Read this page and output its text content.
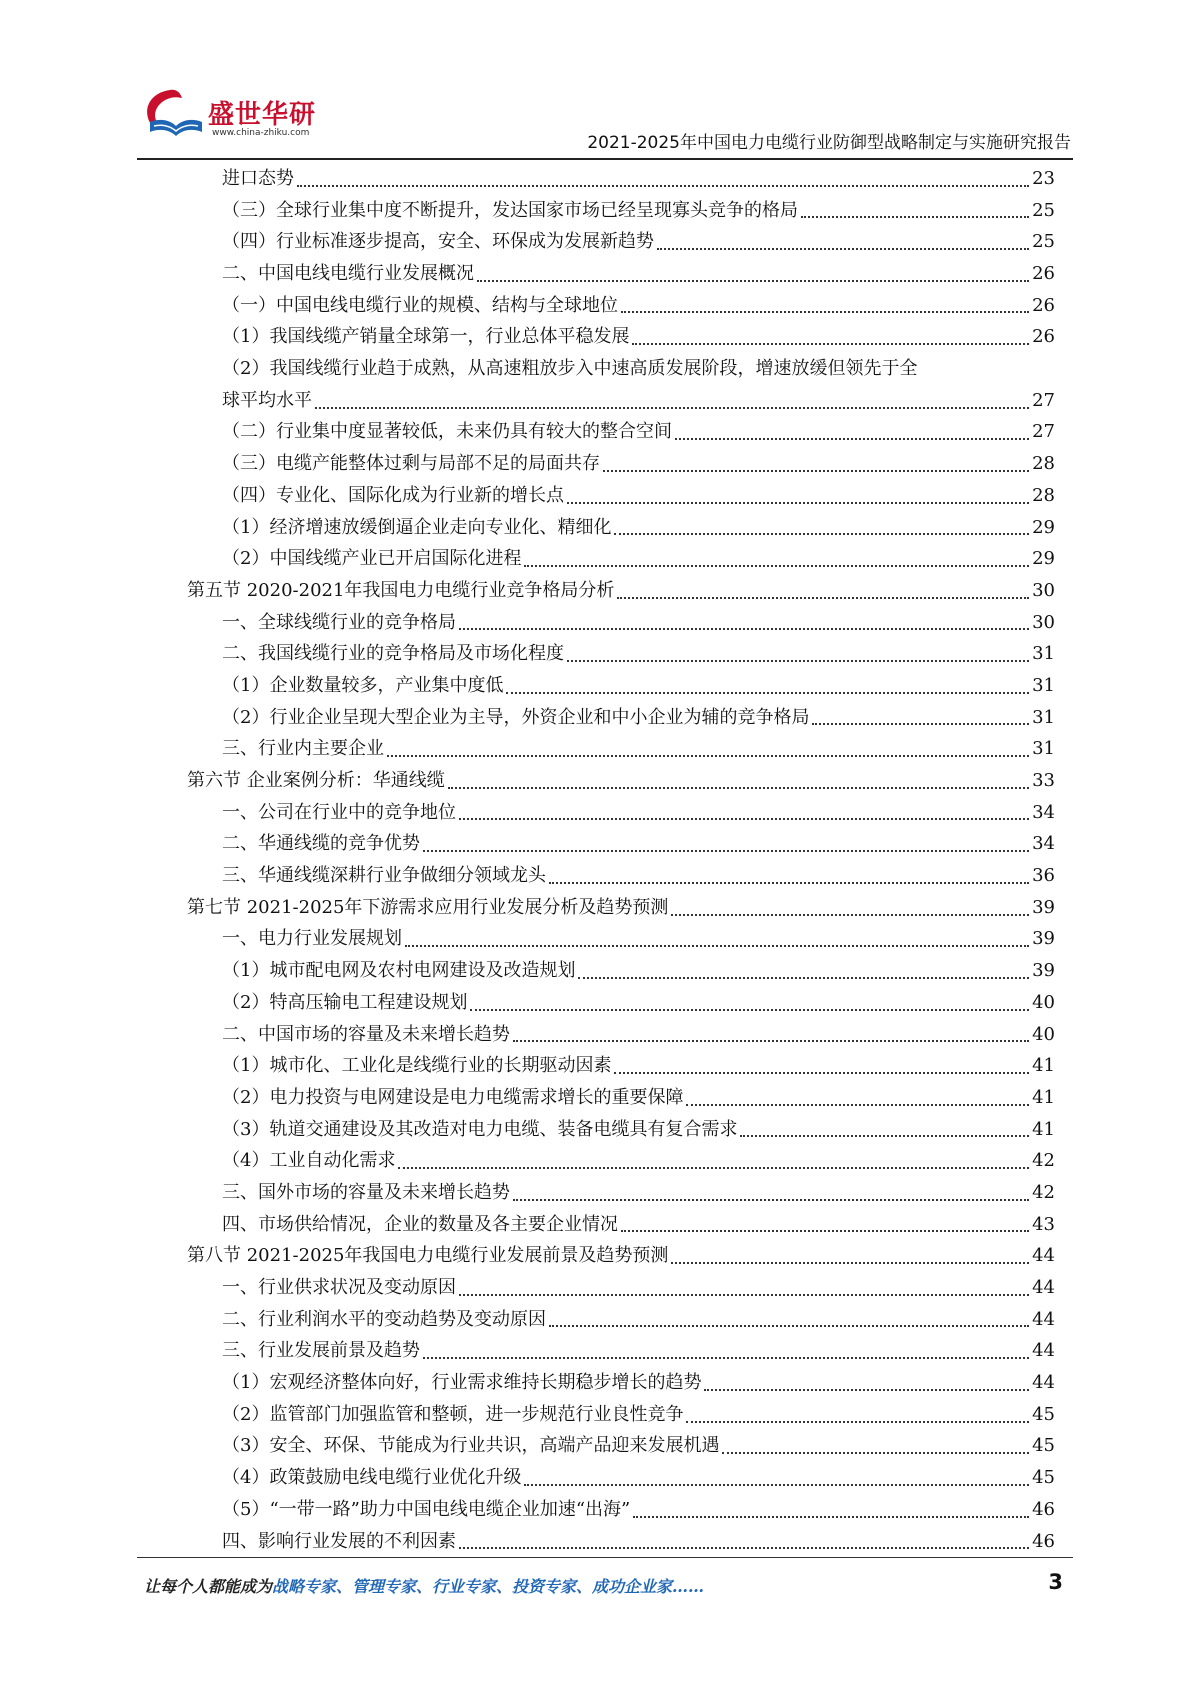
盛世华研
www.china-zhiku.com	2021-2025年中国电力电缆行业防御型战略制定与实施研究报告
进口态势	23
（三）全球行业集中度不断提升，发达国家市场已经呈现寡头竞争的格局	25
（四）行业标准逐步提高，安全、环保成为发展新趋势	25
二、中国电线电缆行业发展概况	26
（一）中国电线电缆行业的规模、结构与全球地位	26
（1）我国线缆产销量全球第一，行业总体平稳发展	26
（2）我国线缆行业趋于成熟，从高速粗放步入中速高质发展阶段，增速放缓但领先于全
球平均水平	27
（二）行业集中度显著较低，未来仍具有较大的整合空间	27
（三）电缆产能整体过剩与局部不足的局面共存	28
（四）专业化、国际化成为行业新的增长点	28
（1）经济增速放缓倒逼企业走向专业化、精细化	29
（2）中国线缆产业已开启国际化进程	29
第五节 2020-2021年我国电力电缆行业竞争格局分析	30
一、全球线缆行业的竞争格局	30
二、我国线缆行业的竞争格局及市场化程度	31
（1）企业数量较多，产业集中度低	31
（2）行业企业呈现大型企业为主导，外资企业和中小企业为辅的竞争格局	31
三、行业内主要企业	31
第六节 企业案例分析：华通线缆	33
一、公司在行业中的竞争地位	34
二、华通线缆的竞争优势	34
三、华通线缆深耕行业争做细分领域龙头	36
第七节 2021-2025年下游需求应用行业发展分析及趋势预测	39
一、电力行业发展规划	39
（1）城市配电网及农村电网建设及改造规划	39
（2）特高压输电工程建设规划	40
二、中国市场的容量及未来增长趋势	40
（1）城市化、工业化是线缆行业的长期驱动因素	41
（2）电力投资与电网建设是电力电缆需求增长的重要保障	41
（3）轨道交通建设及其改造对电力电缆、装备电缆具有复合需求	41
（4）工业自动化需求	42
三、国外市场的容量及未来增长趋势	42
四、市场供给情况，企业的数量及各主要企业情况	43
第八节 2021-2025年我国电力电缆行业发展前景及趋势预测	44
一、行业供求状况及变动原因	44
二、行业利润水平的变动趋势及变动原因	44
三、行业发展前景及趋势	44
（1）宏观经济整体向好，行业需求维持长期稳步增长的趋势	44
（2）监管部门加强监管和整顿，进一步规范行业良性竞争	45
（3）安全、环保、节能成为行业共识，高端产品迎来发展机遇	45
（4）政策鼓励电线电缆行业优化升级	45
（5）“一带一路”助力中国电线电缆企业加速“出海”	46
四、影响行业发展的不利因素	46
让每个人都能成为战略专家、管理专家、行业专家、投资专家、成功企业家……	3
